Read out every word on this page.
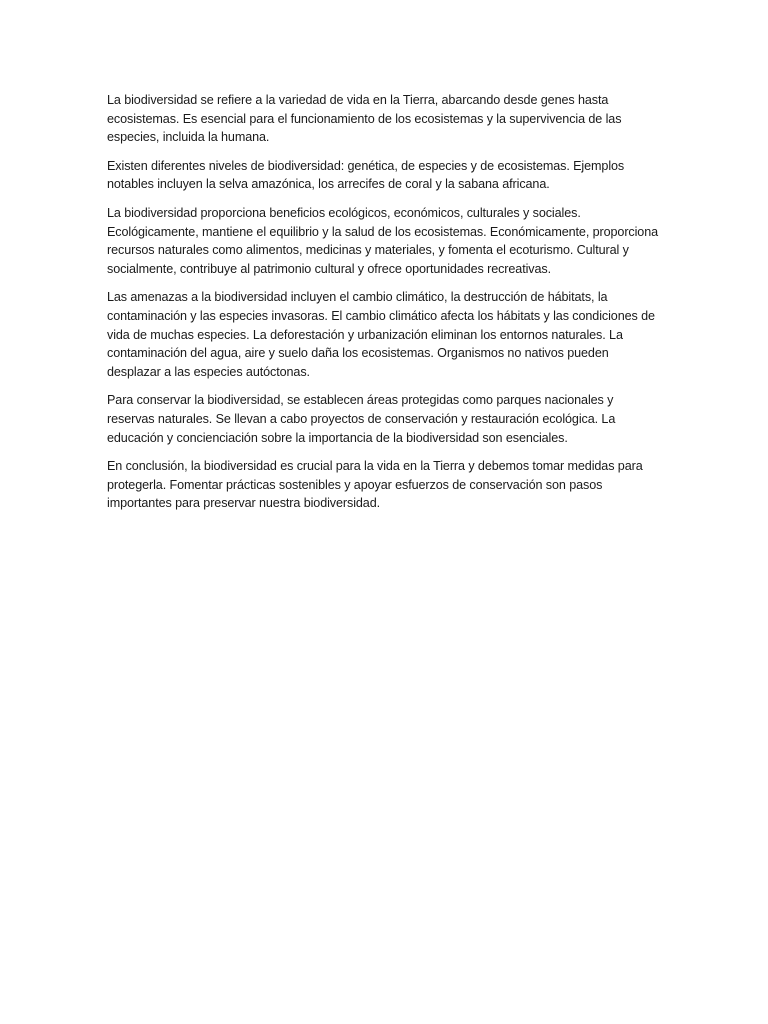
La biodiversidad se refiere a la variedad de vida en la Tierra, abarcando desde genes hasta ecosistemas. Es esencial para el funcionamiento de los ecosistemas y la supervivencia de las especies, incluida la humana.

Existen diferentes niveles de biodiversidad: genética, de especies y de ecosistemas. Ejemplos notables incluyen la selva amazónica, los arrecifes de coral y la sabana africana.

La biodiversidad proporciona beneficios ecológicos, económicos, culturales y sociales. Ecológicamente, mantiene el equilibrio y la salud de los ecosistemas. Económicamente, proporciona recursos naturales como alimentos, medicinas y materiales, y fomenta el ecoturismo. Cultural y socialmente, contribuye al patrimonio cultural y ofrece oportunidades recreativas.

Las amenazas a la biodiversidad incluyen el cambio climático, la destrucción de hábitats, la contaminación y las especies invasoras. El cambio climático afecta los hábitats y las condiciones de vida de muchas especies. La deforestación y urbanización eliminan los entornos naturales. La contaminación del agua, aire y suelo daña los ecosistemas. Organismos no nativos pueden desplazar a las especies autóctonas.

Para conservar la biodiversidad, se establecen áreas protegidas como parques nacionales y reservas naturales. Se llevan a cabo proyectos de conservación y restauración ecológica. La educación y concienciación sobre la importancia de la biodiversidad son esenciales.

En conclusión, la biodiversidad es crucial para la vida en la Tierra y debemos tomar medidas para protegerla. Fomentar prácticas sostenibles y apoyar esfuerzos de conservación son pasos importantes para preservar nuestra biodiversidad.
